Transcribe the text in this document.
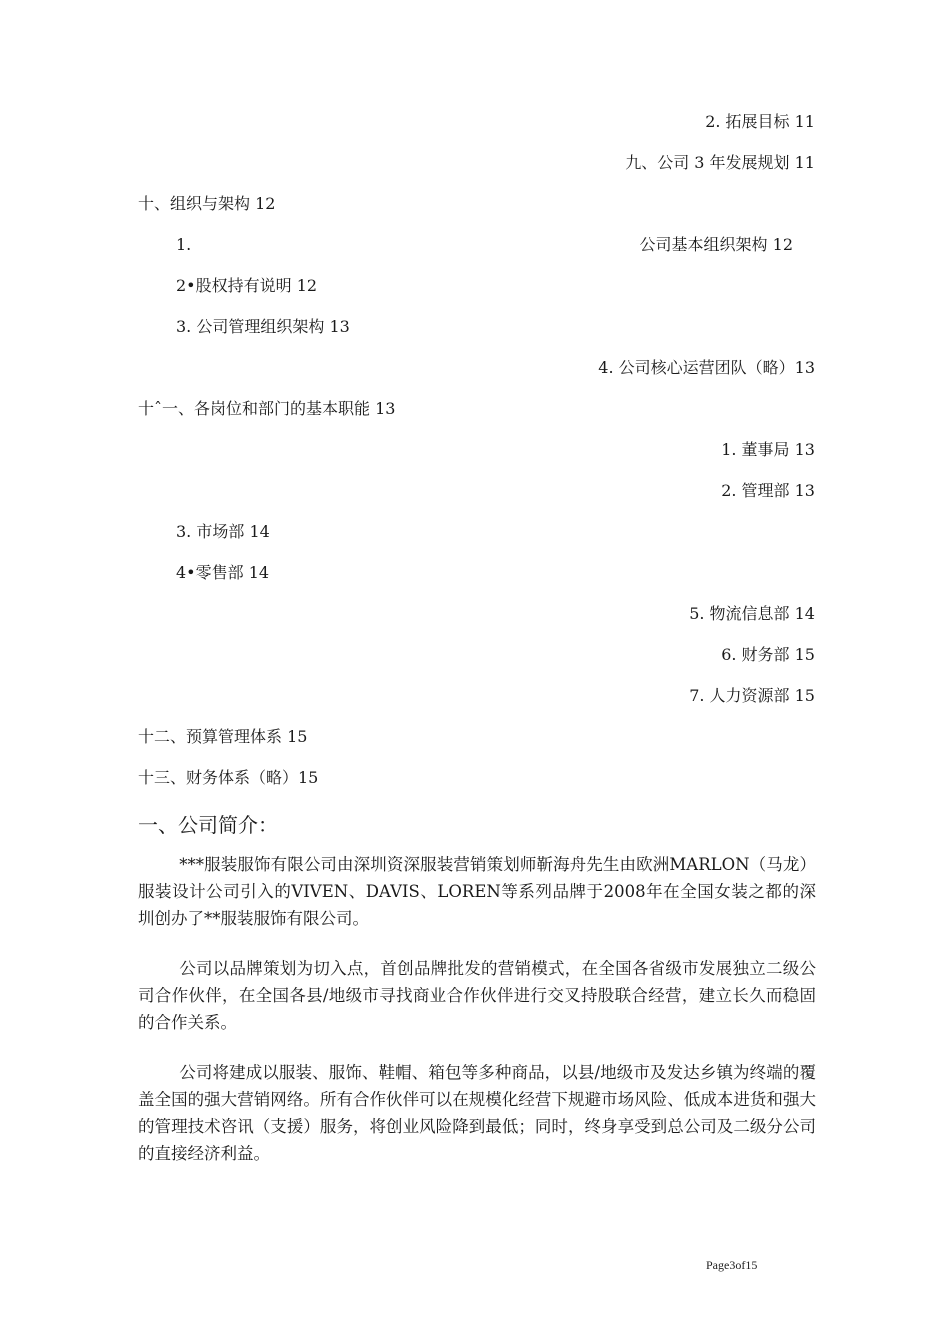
2. 拓展目标 11
九、公司 3 年发展规划 11
十、组织与架构 12
1.	公司基本组织架构 12
2•股权持有说明 12
3. 公司管理组织架构 13
4. 公司核心运营团队（略）13
十ˆ一、各岗位和部门的基本职能 13
1. 董事局 13
2. 管理部 13
3. 市场部 14
4•零售部 14
5. 物流信息部 14
6. 财务部 15
7. 人力资源部 15
十二、预算管理体系 15
十三、财务体系（略）15
一、公司简介：

***服装服饰有限公司由深圳资深服装营销策划师靳海舟先生由欧洲MARLON（马龙）服装设计公司引入的VIVEN、DAVIS、LOREN等系列品牌于2008年在全国女装之都的深圳创办了**服装服饰有限公司。

公司以品牌策划为切入点，首创品牌批发的营销模式，在全国各省级市发展独立二级公司合作伙伴，在全国各县/地级市寻找商业合作伙伴进行交叉持股联合经营，建立长久而稳固的合作关系。

公司将建成以服装、服饰、鞋帽、箱包等多种商品，以县/地级市及发达乡镇为终端的覆盖全国的强大营销网络。所有合作伙伴可以在规模化经营下规避市场风险、低成本进货和强大的管理技术咨讯（支援）服务，将创业风险降到最低；同时，终身享受到总公司及二级分公司的直接经济利益。

Page3of15
